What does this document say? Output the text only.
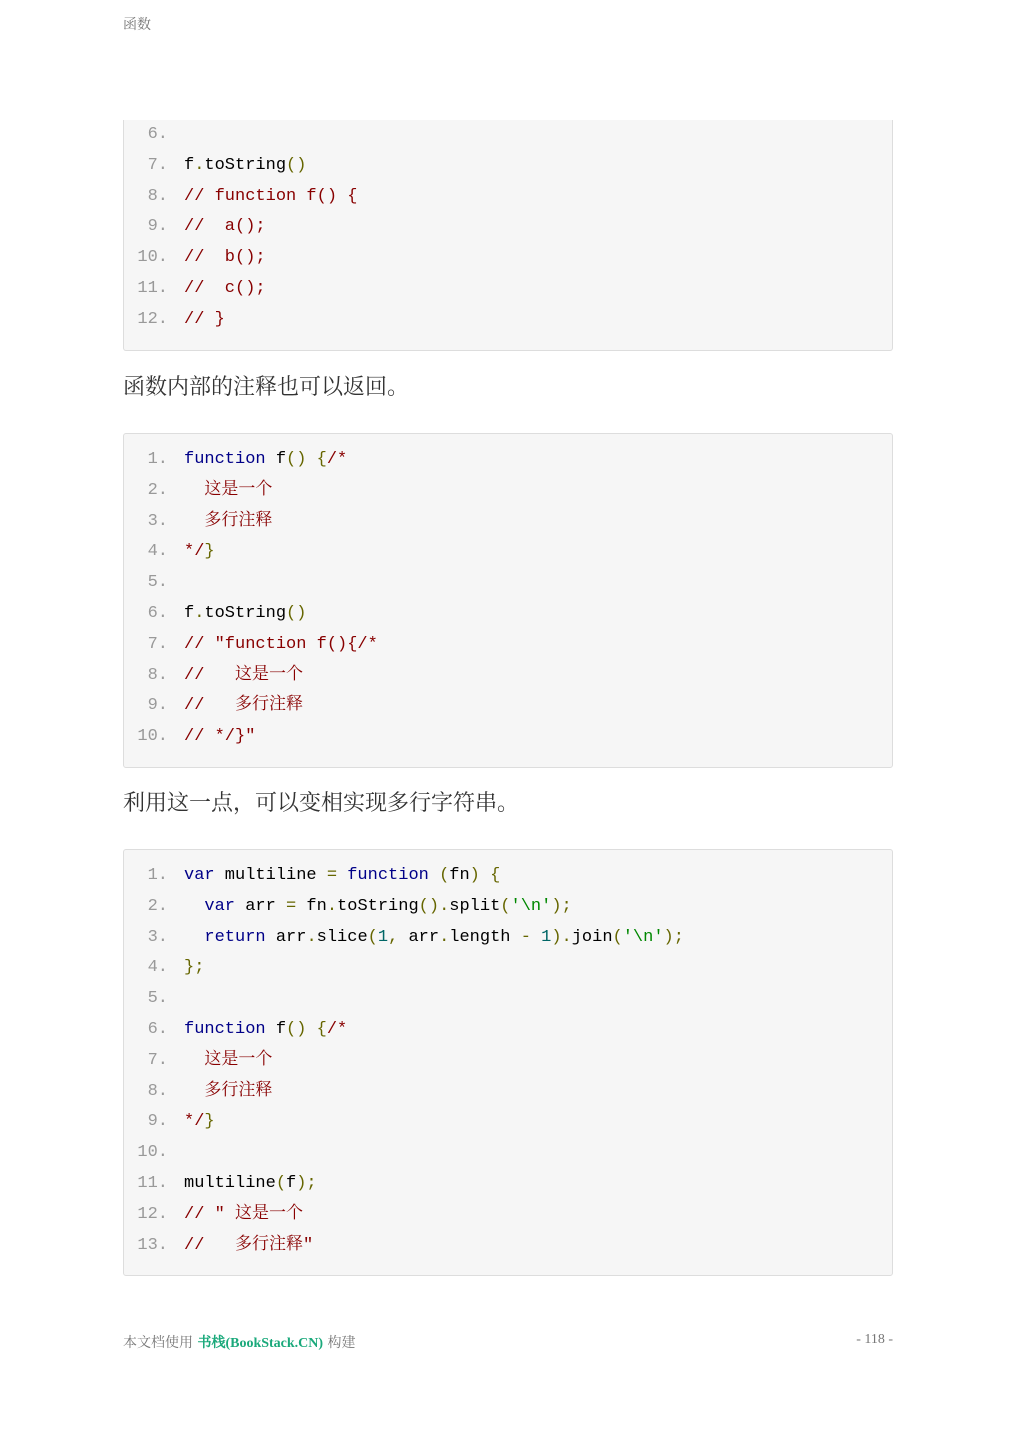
函数
6.
7. f.toString()
8. // function f() {
9. //  a();
10. //  b();
11. //  c();
12. // }
函数内部的注释也可以返回。
1. function f() {/*
2. 这是一个
3. 多行注释
4. */}
5.
6. f.toString()
7. // "function f(){/*
8. //   这是一个
9. //   多行注释
10. // */}"
利用这一点，可以变相实现多行字符串。
1. var multiline = function (fn) {
2.	var arr = fn.toString().split('\n');
3.	return arr.slice(1, arr.length - 1).join('\n');
4. };
5.
6. function f() {/*
7. 这是一个
8. 多行注释
9. */}
10.
11. multiline(f);
12. // " 这是一个
13. //   多行注释"
本文档使用 书栈(BookStack.CN) 构建	- 118 -
